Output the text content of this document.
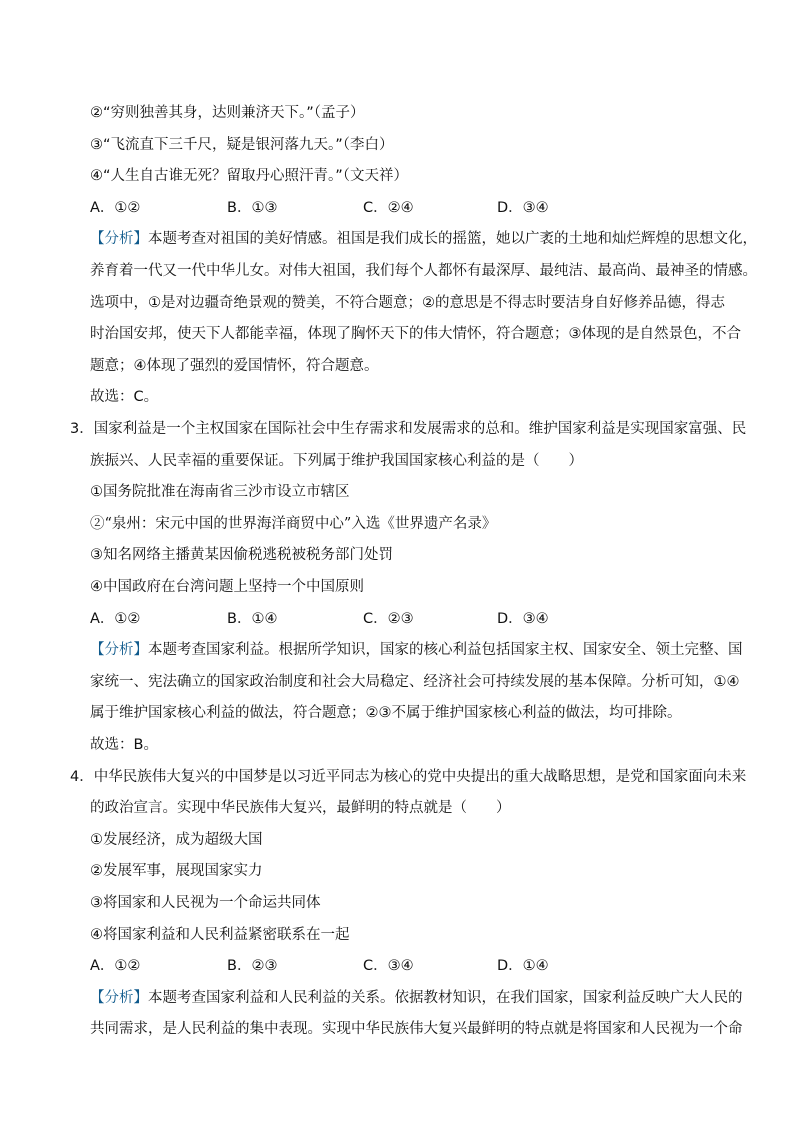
②“穷则独善其身，达则兼济天下。”（孟子）
③“飞流直下三千尺，疑是银河落九天。”（李白）
④“人生自古谁无死？留取丹心照汗青。”（文天祥）
A．①②	B．①③	C．②④	D．③④
【分析】本题考查对祖国的美好情感。祖国是我们成长的摇篮，她以广袤的土地和灿烂辉煌的思想文化，
养育着一代又一代中华儿女。对伟大祖国，我们每个人都怀有最深厚、最纯洁、最高尚、最神圣的情感。
选项中，①是对边疆奇绝景观的赞美，不符合题意；②的意思是不得志时要洁身自好修养品德，得志
时治国安邦，使天下人都能幸福，体现了胸怀天下的伟大情怀，符合题意；③体现的是自然景色，不合
题意；④体现了强烈的爱国情怀，符合题意。
故选：C。
3．国家利益是一个主权国家在国际社会中生存需求和发展需求的总和。维护国家利益是实现国家富强、民
族振兴、人民幸福的重要保证。下列属于维护我国国家核心利益的是（　　）
①国务院批准在海南省三沙市设立市辖区
②“泉州：宋元中国的世界海洋商贸中心”入选《世界遗产名录》
③知名网络主播黄某因偷税逃税被税务部门处罚
④中国政府在台湾问题上坚持一个中国原则
A．①②	B．①④	C．②③	D．③④
【分析】本题考查国家利益。根据所学知识，国家的核心利益包括国家主权、国家安全、领土完整、国
家统一、宪法确立的国家政治制度和社会大局稳定、经济社会可持续发展的基本保障。分析可知，①④
属于维护国家核心利益的做法，符合题意；②③不属于维护国家核心利益的做法，均可排除。
故选：B。
4．中华民族伟大复兴的中国梦是以习近平同志为核心的党中央提出的重大战略思想，是党和国家面向未来
的政治宣言。实现中华民族伟大复兴，最鲜明的特点就是（　　）
①发展经济，成为超级大国
②发展军事，展现国家实力
③将国家和人民视为一个命运共同体
④将国家利益和人民利益紧密联系在一起
A．①②	B．②③	C．③④	D．①④
【分析】本题考查国家利益和人民利益的关系。依据教材知识，在我们国家，国家利益反映广大人民的
共同需求，是人民利益的集中表现。实现中华民族伟大复兴最鲜明的特点就是将国家和人民视为一个命
